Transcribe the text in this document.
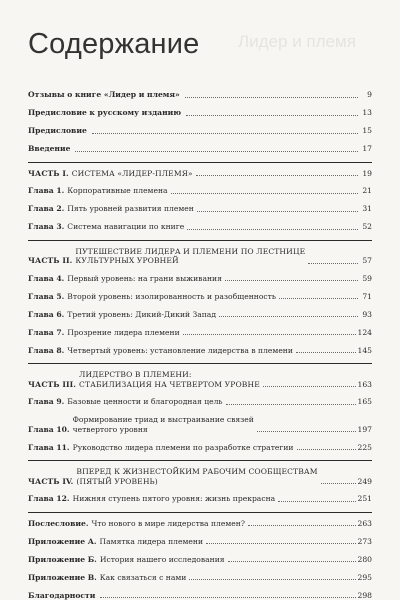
Лидер и племя
Содержание
Отзывы о книге «Лидер и племя»	9
Предисловие к русскому изданию	13
Предисловие	15
Введение	17
ЧАСТЬ I. СИСТЕМА «ЛИДЕР-ПЛЕМЯ»	19
Глава 1. Корпоративные племена	21
Глава 2. Пять уровней развития племен	31
Глава 3. Система навигации по книге	52
ЧАСТЬ II.
ПУТЕШЕСТВИЕ ЛИДЕРА И ПЛЕМЕНИ ПО ЛЕСТНИЦЕ
КУЛЬТУРНЫХ УРОВНЕЙ	57
Глава 4. Первый уровень: на грани выживания	59
Глава 5. Второй уровень: изолированность и разобщенность	71
Глава 6. Третий уровень: Дикий-Дикий Запад	93
Глава 7. Прозрение лидера племени	124
Глава 8. Четвертый уровень: установление лидерства в племени	145
ЧАСТЬ III.
ЛИДЕРСТВО В ПЛЕМЕНИ:
СТАБИЛИЗАЦИЯ НА ЧЕТВЕРТОМ УРОВНЕ	163
Глава 9. Базовые ценности и благородная цель	165
Глава 10.
Формирование триад и выстраивание связей
четвертого уровня	197
Глава 11. Руководство лидера племени по разработке стратегии	225
ЧАСТЬ IV.
ВПЕРЕД К ЖИЗНЕСТОЙКИМ РАБОЧИМ СООБЩЕСТВАМ
(ПЯТЫЙ УРОВЕНЬ)	249
Глава 12. Нижняя ступень пятого уровня: жизнь прекрасна	251
Послесловие. Что нового в мире лидерства племен?	263
Приложение А. Памятка лидера племени	273
Приложение Б. История нашего исследования	280
Приложение В. Как связаться с нами	295
Благодарности	298
